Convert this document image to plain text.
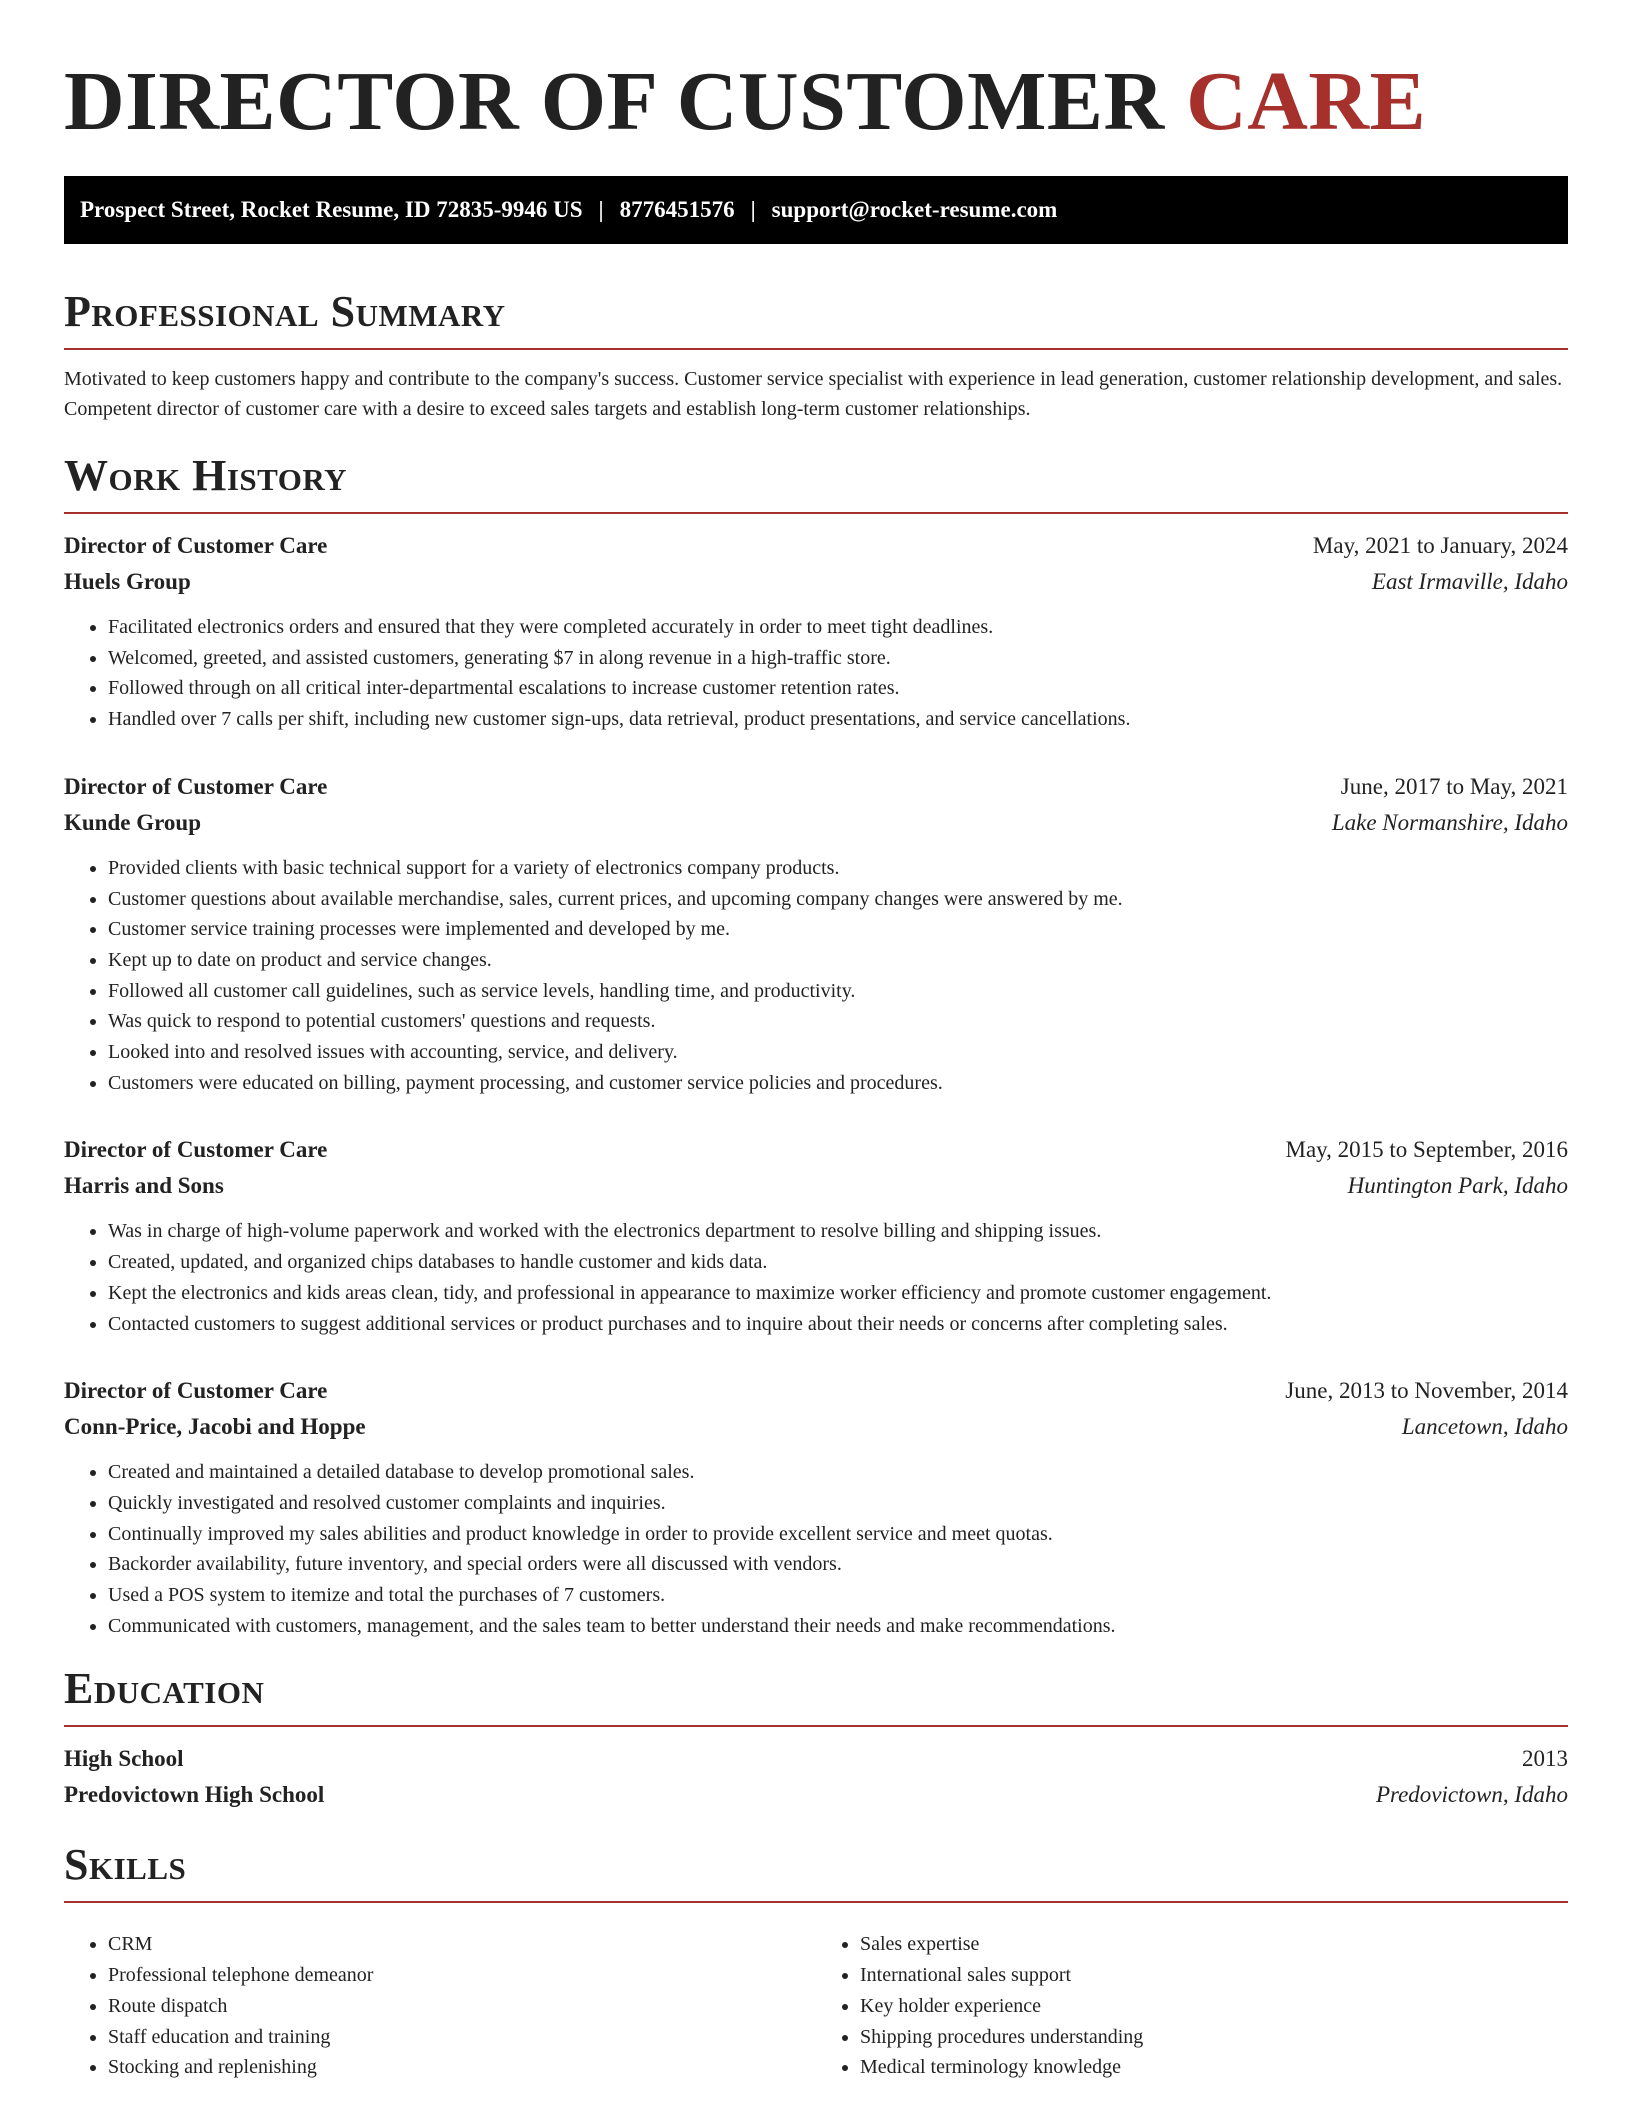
DIRECTOR OF CUSTOMER CARE
Prospect Street, Rocket Resume, ID 72835-9946 US | 8776451576 | support@rocket-resume.com
Professional Summary

Motivated to keep customers happy and contribute to the company's success. Customer service specialist with experience in lead generation, customer relationship development, and sales. Competent director of customer care with a desire to exceed sales targets and establish long-term customer relationships.

Work History
Director of Customer Care	May, 2021 to January, 2024
Huels Group	East Irmaville, Idaho
• Facilitated electronics orders and ensured that they were completed accurately in order to meet tight deadlines.
• Welcomed, greeted, and assisted customers, generating $7 in along revenue in a high-traffic store.
• Followed through on all critical inter-departmental escalations to increase customer retention rates.
• Handled over 7 calls per shift, including new customer sign-ups, data retrieval, product presentations, and service cancellations.
Director of Customer Care	June, 2017 to May, 2021
Kunde Group	Lake Normanshire, Idaho
• Provided clients with basic technical support for a variety of electronics company products.
• Customer questions about available merchandise, sales, current prices, and upcoming company changes were answered by me.
• Customer service training processes were implemented and developed by me.
• Kept up to date on product and service changes.
• Followed all customer call guidelines, such as service levels, handling time, and productivity.
• Was quick to respond to potential customers' questions and requests.
• Looked into and resolved issues with accounting, service, and delivery.
• Customers were educated on billing, payment processing, and customer service policies and procedures.
Director of Customer Care	May, 2015 to September, 2016
Harris and Sons	Huntington Park, Idaho
• Was in charge of high-volume paperwork and worked with the electronics department to resolve billing and shipping issues.
• Created, updated, and organized chips databases to handle customer and kids data.
• Kept the electronics and kids areas clean, tidy, and professional in appearance to maximize worker efficiency and promote customer engagement.
• Contacted customers to suggest additional services or product purchases and to inquire about their needs or concerns after completing sales.
Director of Customer Care	June, 2013 to November, 2014
Conn-Price, Jacobi and Hoppe	Lancetown, Idaho
• Created and maintained a detailed database to develop promotional sales.
• Quickly investigated and resolved customer complaints and inquiries.
• Continually improved my sales abilities and product knowledge in order to provide excellent service and meet quotas.
• Backorder availability, future inventory, and special orders were all discussed with vendors.
• Used a POS system to itemize and total the purchases of 7 customers.
• Communicated with customers, management, and the sales team to better understand their needs and make recommendations.
Education
High School	2013
Predovictown High School	Predovictown, Idaho
Skills
• CRM
• Professional telephone demeanor
• Route dispatch
• Staff education and training
• Stocking and replenishing
• Sales expertise
• International sales support
• Key holder experience
• Shipping procedures understanding
• Medical terminology knowledge
